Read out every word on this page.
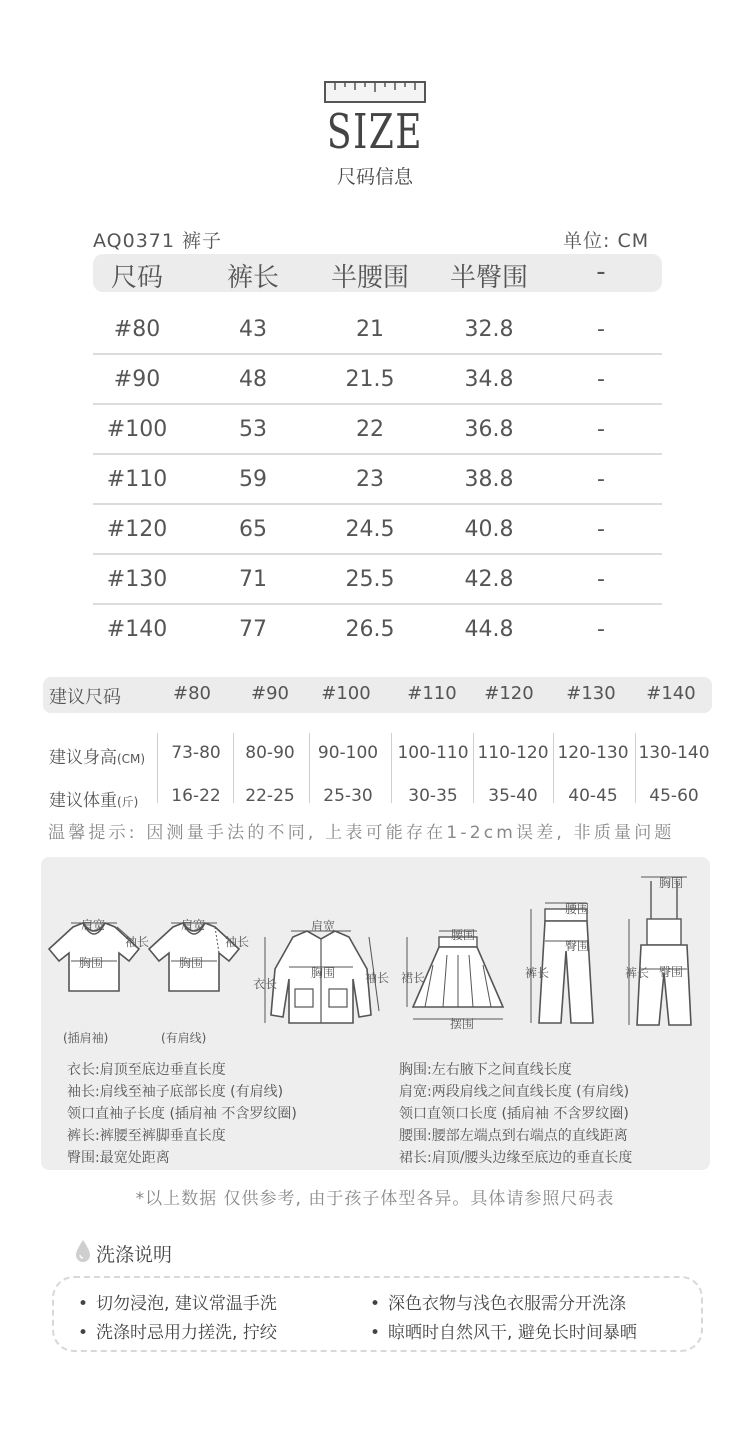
SIZE
尺码信息
AQ0371 裤子	单位: CM
尺码	裤长	半腰围	半臀围	-
#80	43	21	32.8	-
#90	48	21.5	34.8	-
#100	53	22	36.8	-
#110	59	23	38.8	-
#120	65	24.5	40.8	-
#130	71	25.5	42.8	-
#140	77	26.5	44.8	-
建议尺码	#80	#90	#100	#110	#120	#130	#140
建议身高(CM)	73-80	80-90	90-100	100-110 110-120 120-130 130-140
建议体重(斤)	16-22	22-25	25-30	30-35	35-40	40-45	45-60
温馨提示: 因测量手法的不同, 上表可能存在1-2cm误差, 非质量问题
肩宽
袖长
胸围
(插肩袖)
肩宽
袖长
胸围
(有肩线)
肩宽
胸围
衣长	袖长
腰围
裙长
摆围
腰围
臀围
裤长
胸围
臀围
裤长
衣长:肩顶至底边垂直长度
袖长:肩线至袖子底部长度 (有肩线)
领口直袖子长度 (插肩袖 不含罗纹圈)
裤长:裤腰至裤脚垂直长度
臀围:最宽处距离
胸围:左右腋下之间直线长度
肩宽:两段肩线之间直线长度 (有肩线)
领口直领口长度 (插肩袖 不含罗纹圈)
腰围:腰部左端点到右端点的直线距离
裙长:肩顶/腰头边缘至底边的垂直长度
*以上数据 仅供参考, 由于孩子体型各异。具体请参照尺码表
洗涤说明
• 切勿浸泡, 建议常温手洗	• 深色衣物与浅色衣服需分开洗涤
• 洗涤时忌用力搓洗, 拧绞	• 晾晒时自然风干, 避免长时间暴晒
